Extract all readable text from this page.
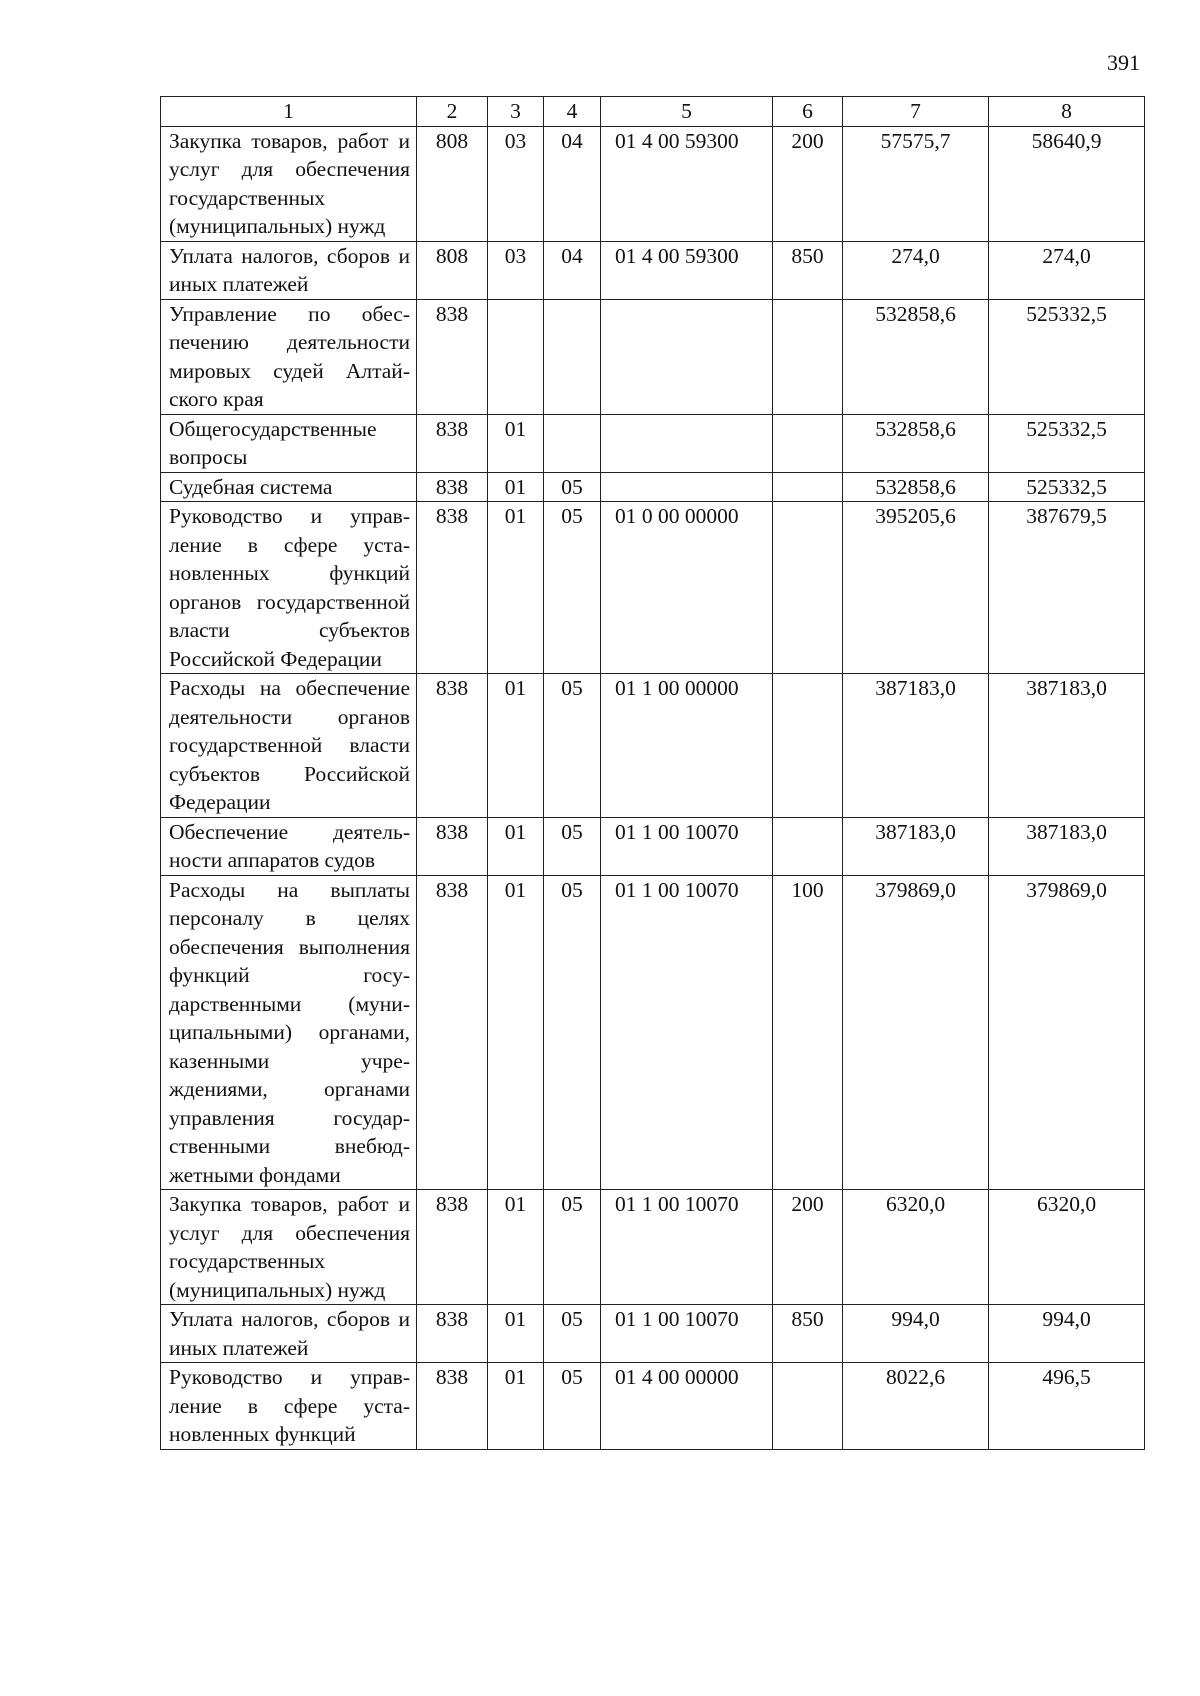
391
1	2	3	4	5	6	7	8
Закупка товаров, работ и услуг для обеспечения государственных (муниципальных) нужд	808	03	04	01 4 00 59300	200	57575,7	58640,9
Уплата налогов, сборов и иных платежей	808	03	04	01 4 00 59300	850	274,0	274,0
Управление по обеспечению деятельности мировых судей Алтайского края	838					532858,6	525332,5
Общегосударственные вопросы	838	01				532858,6	525332,5
Судебная система	838	01	05			532858,6	525332,5
Руководство и управление в сфере установленных функций органов государственной власти субъектов Российской Федерации	838	01	05	01 0 00 00000		395205,6	387679,5
Расходы на обеспечение деятельности органов государственной власти субъектов Российской Федерации	838	01	05	01 1 00 00000		387183,0	387183,0
Обеспечение деятельности аппаратов судов	838	01	05	01 1 00 10070		387183,0	387183,0
Расходы на выплаты персоналу в целях обеспечения выполнения функций государственными (муниципальными) органами, казенными учреждениями, органами управления государственными внебюджетными фондами	838	01	05	01 1 00 10070	100	379869,0	379869,0
Закупка товаров, работ и услуг для обеспечения государственных (муниципальных) нужд	838	01	05	01 1 00 10070	200	6320,0	6320,0
Уплата налогов, сборов и иных платежей	838	01	05	01 1 00 10070	850	994,0	994,0
Руководство и управление в сфере установленных функций	838	01	05	01 4 00 00000		8022,6	496,5
